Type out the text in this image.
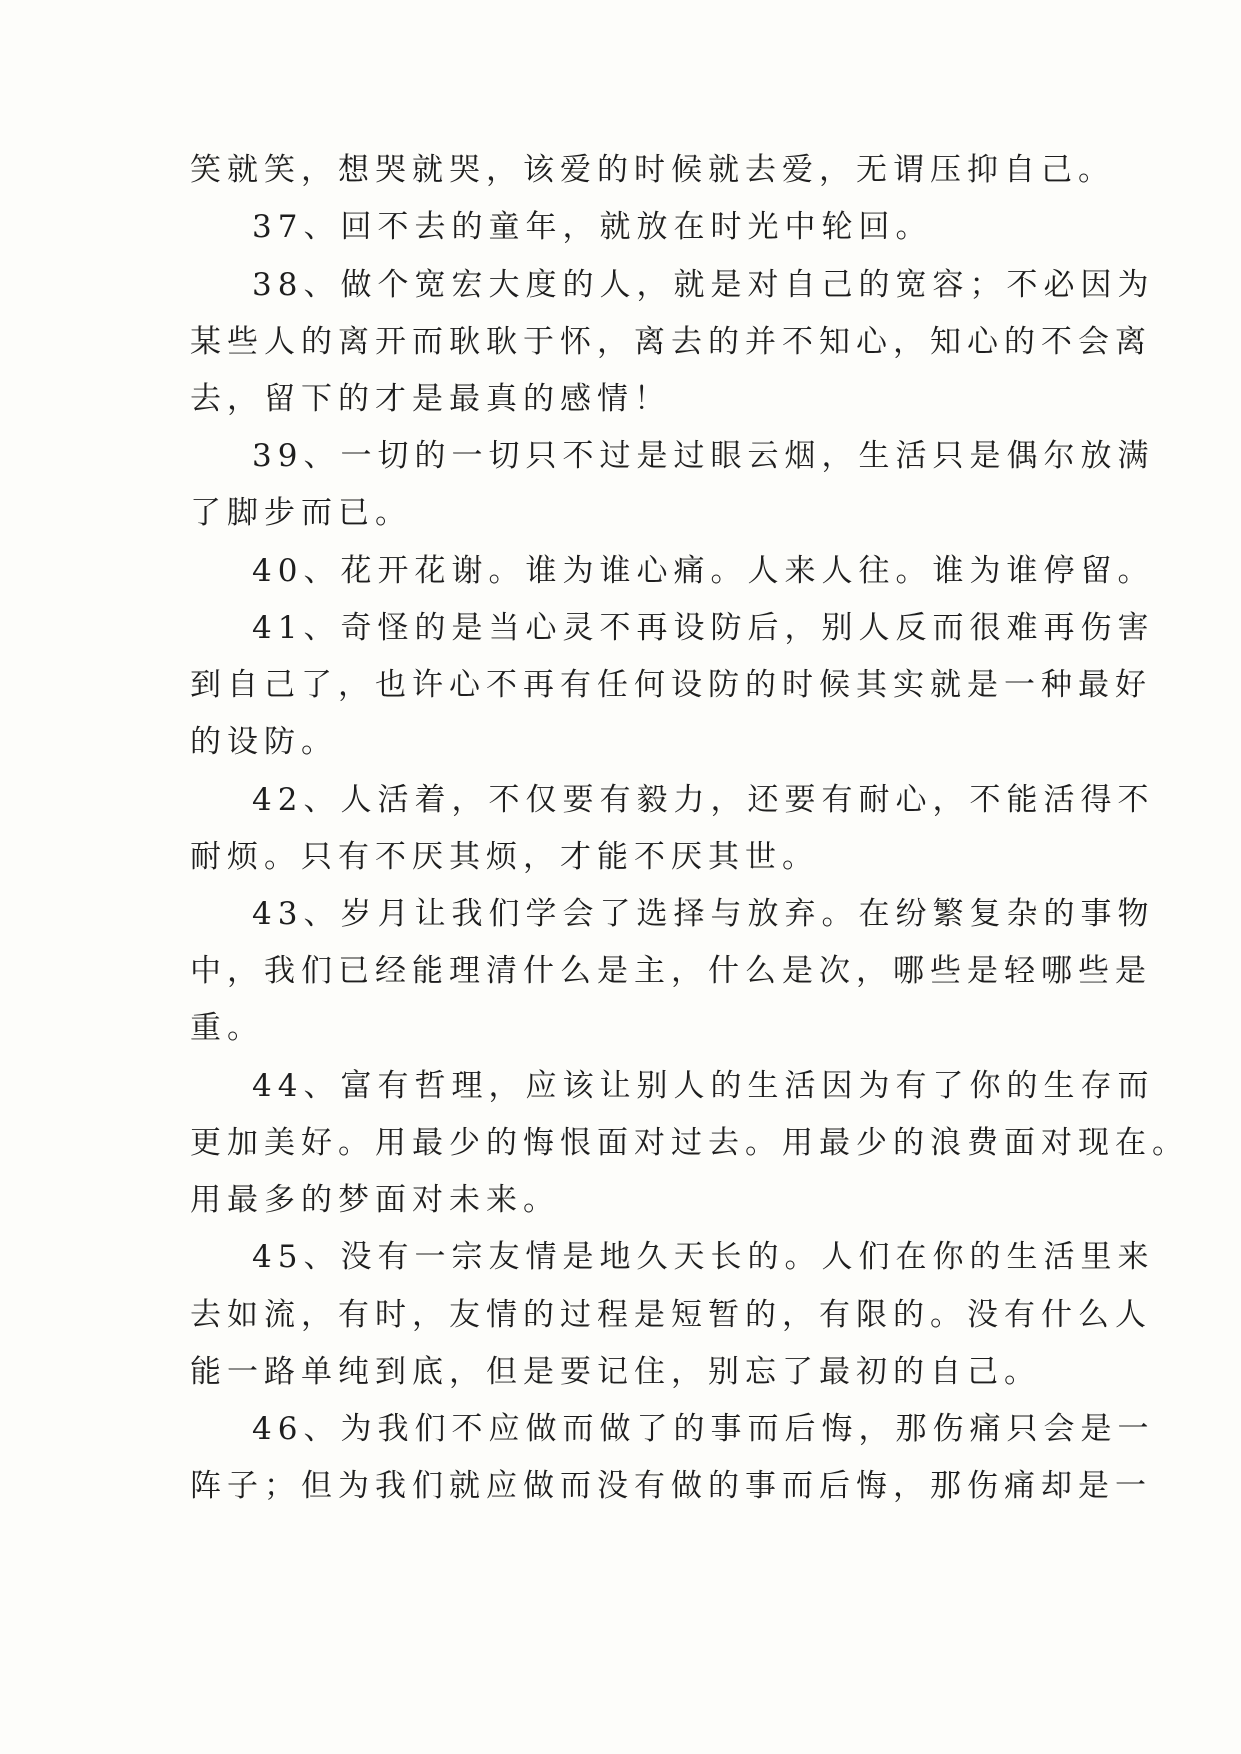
笑就笑，想哭就哭，该爱的时候就去爱，无谓压抑自己。
37、回不去的童年，就放在时光中轮回。
38、做个宽宏大度的人，就是对自己的宽容；不必因为
某些人的离开而耿耿于怀，离去的并不知心，知心的不会离
去，留下的才是最真的感情！
39、一切的一切只不过是过眼云烟，生活只是偶尔放满
了脚步而已。
40、花开花谢。谁为谁心痛。人来人往。谁为谁停留。
41、奇怪的是当心灵不再设防后，别人反而很难再伤害
到自己了，也许心不再有任何设防的时候其实就是一种最好
的设防。
42、人活着，不仅要有毅力，还要有耐心，不能活得不
耐烦。只有不厌其烦，才能不厌其世。
43、岁月让我们学会了选择与放弃。在纷繁复杂的事物
中，我们已经能理清什么是主，什么是次，哪些是轻哪些是
重。
44、富有哲理，应该让别人的生活因为有了你的生存而
更加美好。用最少的悔恨面对过去。用最少的浪费面对现在。
用最多的梦面对未来。
45、没有一宗友情是地久天长的。人们在你的生活里来
去如流，有时，友情的过程是短暂的，有限的。没有什么人
能一路单纯到底，但是要记住，别忘了最初的自己。
46、为我们不应做而做了的事而后悔，那伤痛只会是一
阵子；但为我们就应做而没有做的事而后悔，那伤痛却是一
